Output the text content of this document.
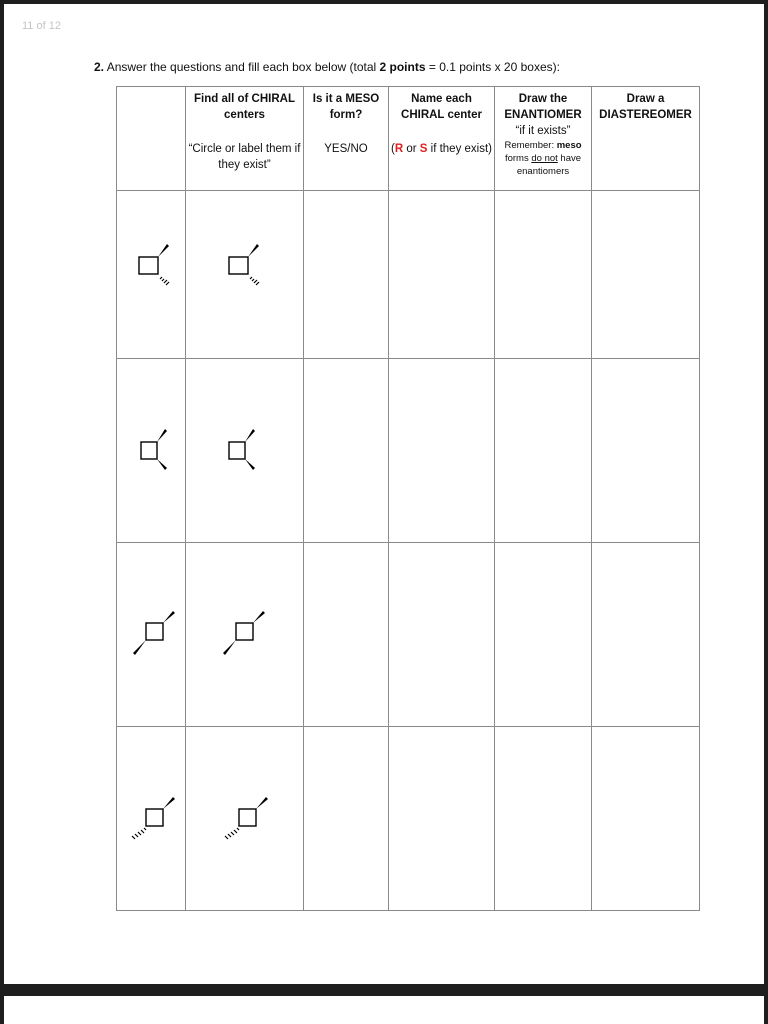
11 of 12
2. Answer the questions and fill each box below (total 2 points = 0.1 points x 20 boxes):

	Find all of CHIRAL centers
“Circle or label them if they exist”	Is it a MESO form?
YES/NO	Name each CHIRAL center
(R or S if they exist)	Draw the ENANTIOMER
“if it exists”
Remember: meso forms do not have enantiomers	Draw a DIASTEREOMER
